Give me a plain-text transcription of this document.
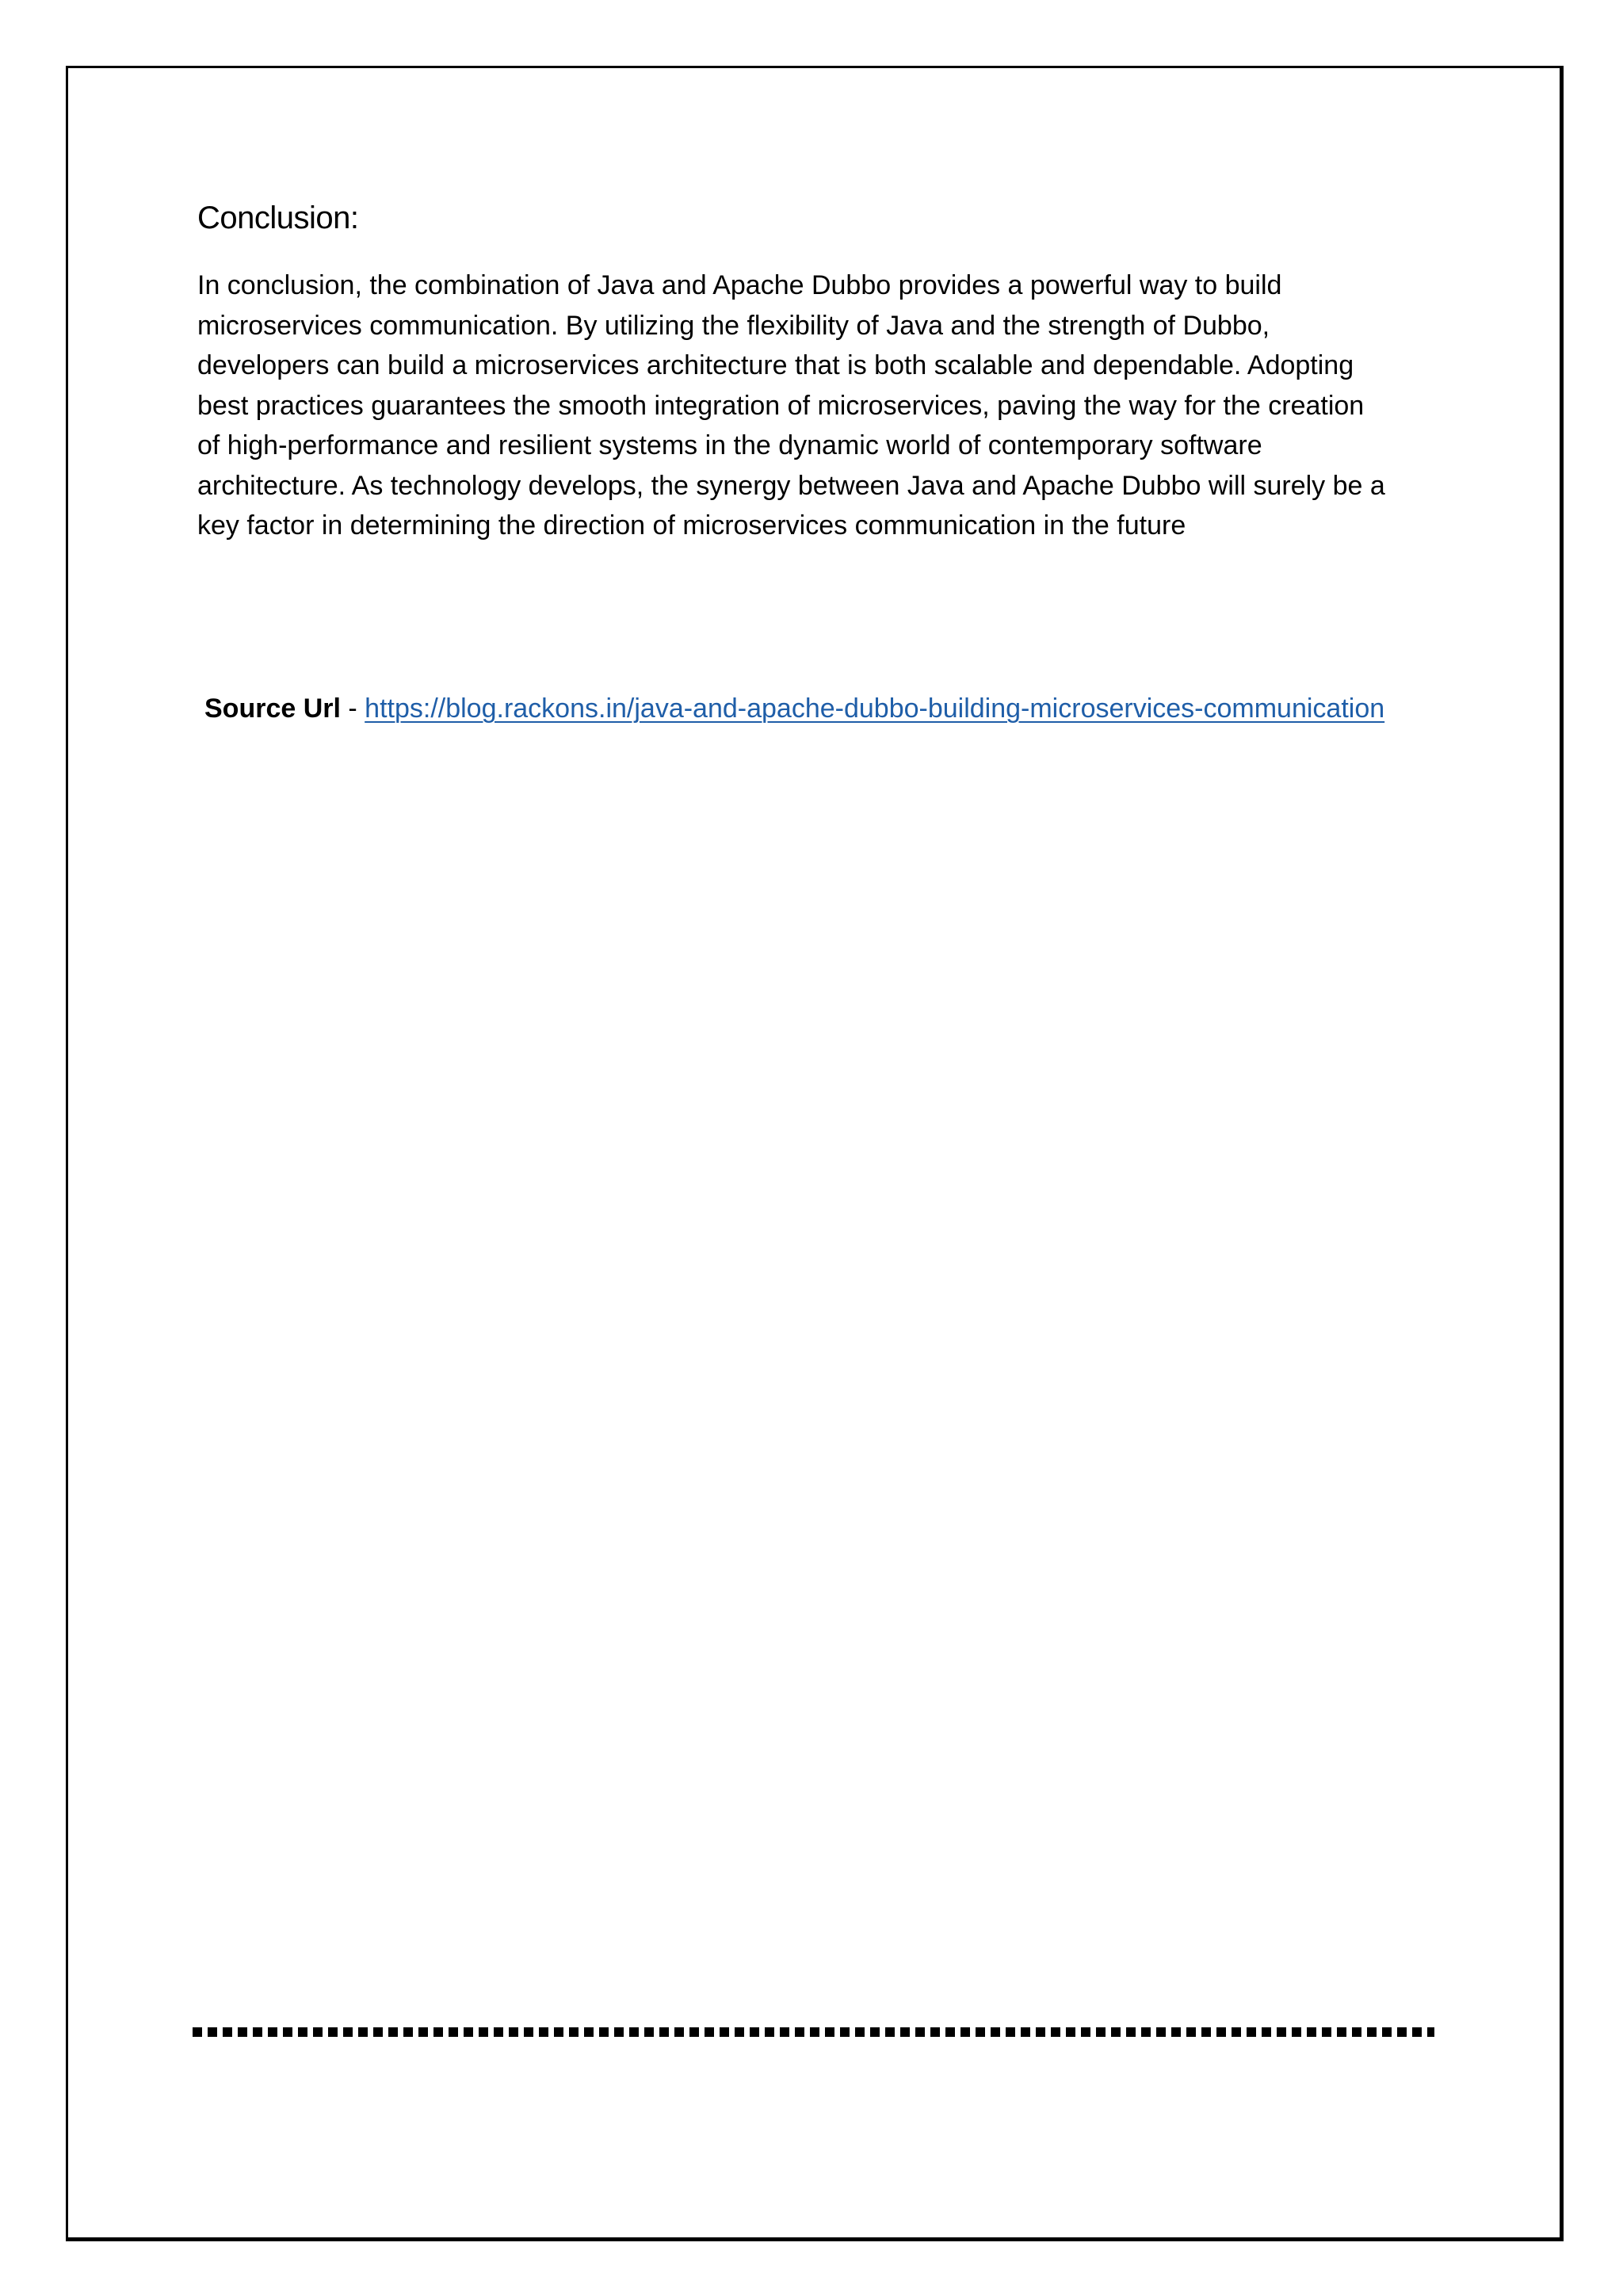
Conclusion:

In conclusion, the combination of Java and Apache Dubbo provides a powerful way to build
microservices communication. By utilizing the flexibility of Java and the strength of Dubbo,
developers can build a microservices architecture that is both scalable and dependable. Adopting
best practices guarantees the smooth integration of microservices, paving the way for the creation
of high-performance and resilient systems in the dynamic world of contemporary software
architecture. As technology develops, the synergy between Java and Apache Dubbo will surely be a
key factor in determining the direction of microservices communication in the future

Source Url - https://blog.rackons.in/java-and-apache-dubbo-building-microservices-communication
